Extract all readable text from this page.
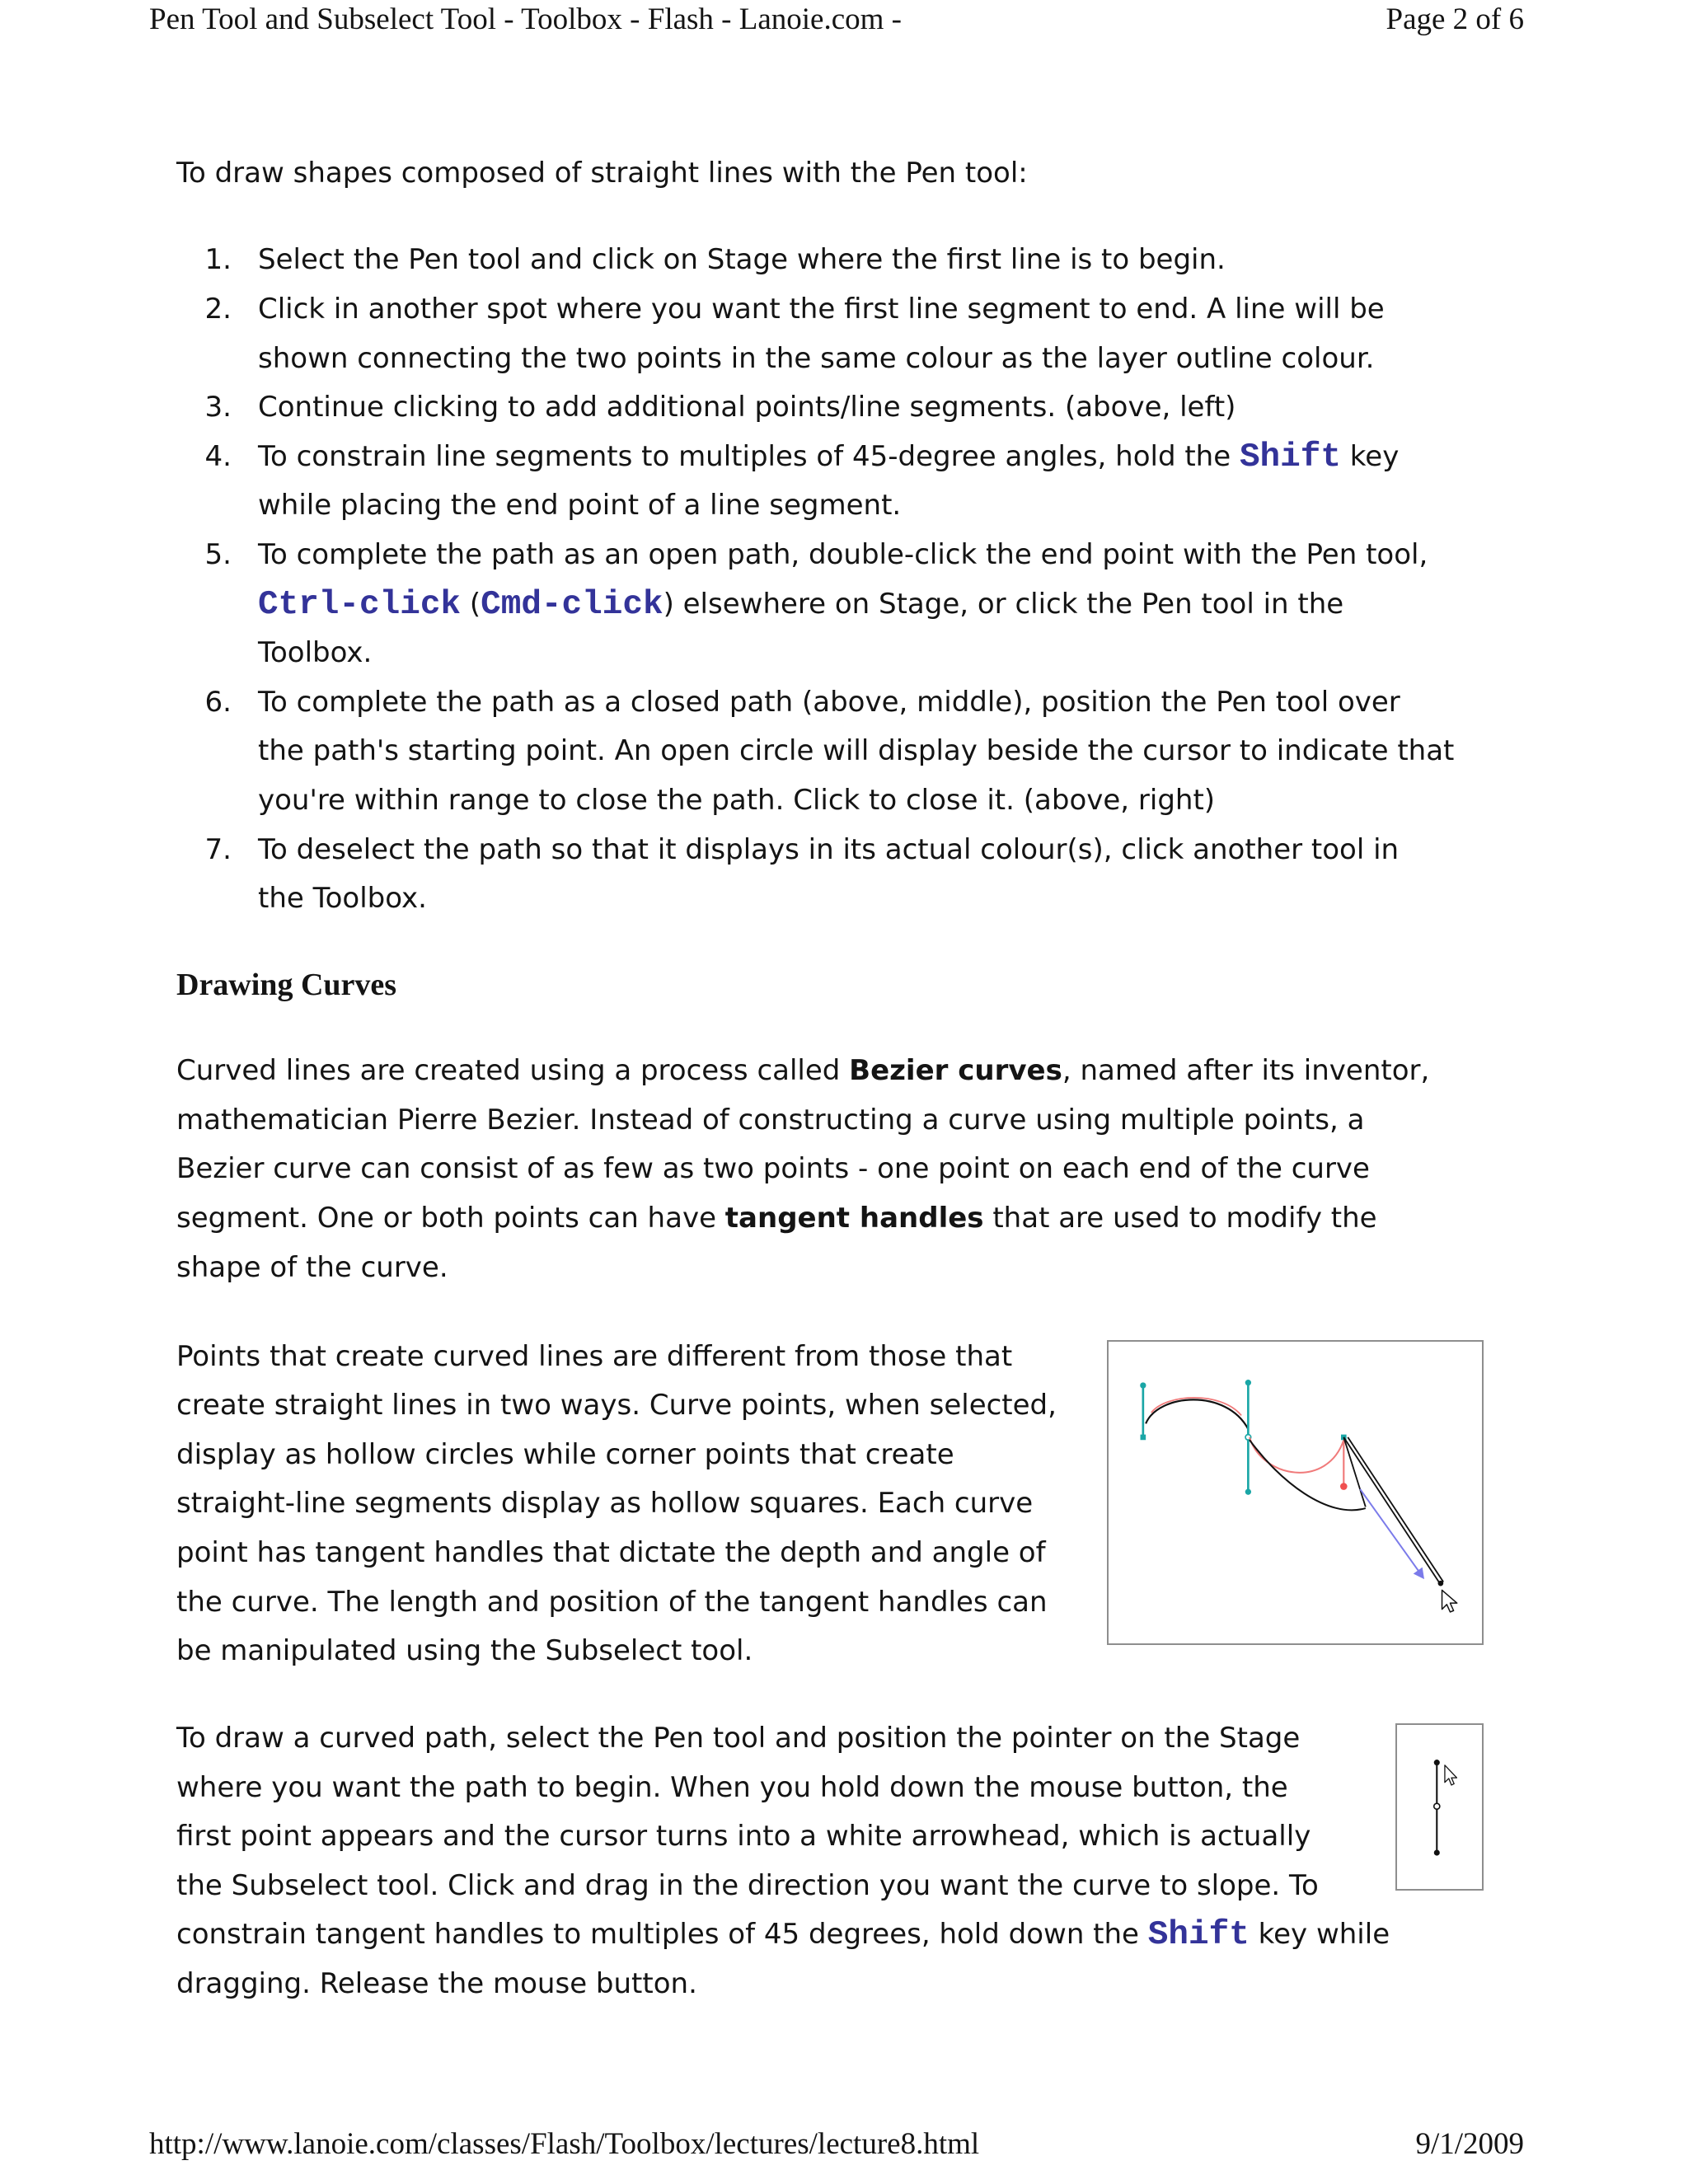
Pen Tool and Subselect Tool - Toolbox - Flash - Lanoie.com -	Page 2 of 6
To draw shapes composed of straight lines with the Pen tool:
1. Select the Pen tool and click on Stage where the first line is to begin.
2. Click in another spot where you want the first line segment to end. A line will be
shown connecting the two points in the same colour as the layer outline colour.
3. Continue clicking to add additional points/line segments. (above, left)
4. To constrain line segments to multiples of 45-degree angles, hold the Shift key
while placing the end point of a line segment.
5. To complete the path as an open path, double-click the end point with the Pen tool,
Ctrl-click (Cmd-click) elsewhere on Stage, or click the Pen tool in the
Toolbox.
6. To complete the path as a closed path (above, middle), position the Pen tool over
the path's starting point. An open circle will display beside the cursor to indicate that
you're within range to close the path. Click to close it. (above, right)
7. To deselect the path so that it displays in its actual colour(s), click another tool in
the Toolbox.
Drawing Curves
Curved lines are created using a process called Bezier curves, named after its inventor,
mathematician Pierre Bezier. Instead of constructing a curve using multiple points, a
Bezier curve can consist of as few as two points - one point on each end of the curve
segment. One or both points can have tangent handles that are used to modify the
shape of the curve.
Points that create curved lines are different from those that
create straight lines in two ways. Curve points, when selected,
display as hollow circles while corner points that create
straight-line segments display as hollow squares. Each curve
point has tangent handles that dictate the depth and angle of
the curve. The length and position of the tangent handles can
be manipulated using the Subselect tool.
To draw a curved path, select the Pen tool and position the pointer on the Stage
where you want the path to begin. When you hold down the mouse button, the
first point appears and the cursor turns into a white arrowhead, which is actually
the Subselect tool. Click and drag in the direction you want the curve to slope. To
constrain tangent handles to multiples of 45 degrees, hold down the Shift key while
dragging. Release the mouse button.
http://www.lanoie.com/classes/Flash/Toolbox/lectures/lecture8.html	9/1/2009
